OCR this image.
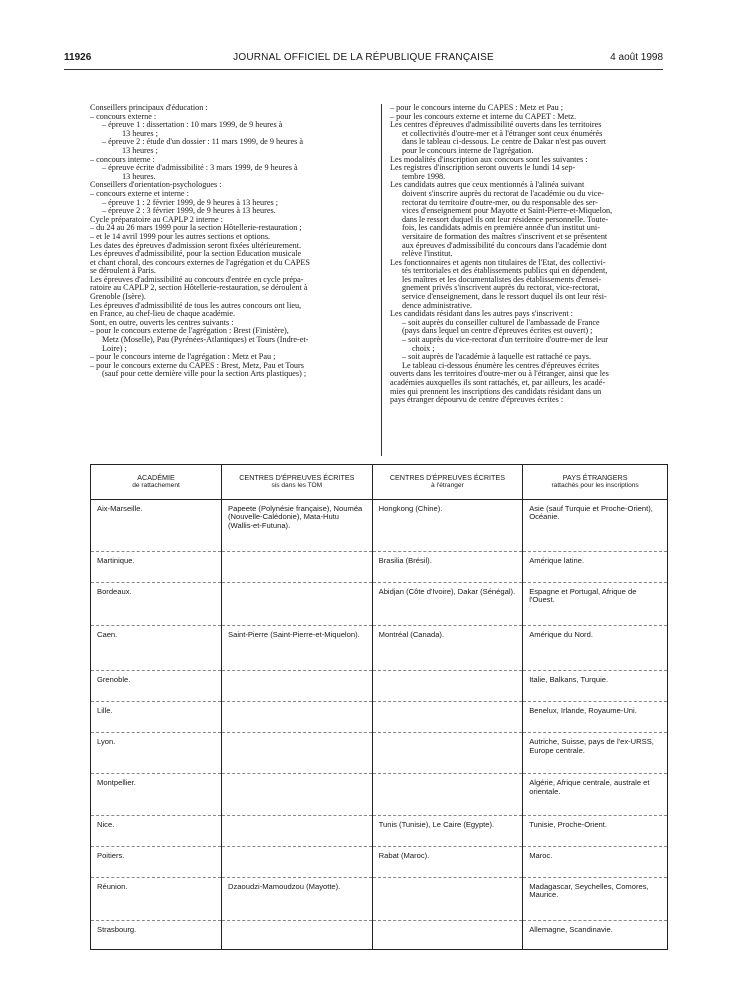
11926	JOURNAL OFFICIEL DE LA RÉPUBLIQUE FRANÇAISE	4 août 1998
Conseillers principaux d'éducation :
– concours externe :
– épreuve 1 : dissertation : 10 mars 1999, de 9 heures à
13 heures ;
– épreuve 2 : étude d'un dossier : 11 mars 1999, de 9 heures à
13 heures ;
– concours interne :
– épreuve écrite d'admissibilité : 3 mars 1999, de 9 heures à
13 heures.
Conseillers d'orientation-psychologues :
– concours externe et interne :
– épreuve 1 : 2 février 1999, de 9 heures à 13 heures ;
– épreuve 2 : 3 février 1999, de 9 heures à 13 heures.
Cycle préparatoire au CAPLP 2 interne :
– du 24 au 26 mars 1999 pour la section Hôtellerie-restauration ;
– et le 14 avril 1999 pour les autres sections et options.
Les dates des épreuves d'admission seront fixées ultérieurement.
Les épreuves d'admissibilité, pour la section Education musicale
et chant choral, des concours externes de l'agrégation et du CAPES
se déroulent à Paris.
Les épreuves d'admissibilité au concours d'entrée en cycle prépa-
ratoire au CAPLP 2, section Hôtellerie-restauration, se déroulent à
Grenoble (Isère).
Les épreuves d'admissibilité de tous les autres concours ont lieu,
en France, au chef-lieu de chaque académie.
Sont, en outre, ouverts les centres suivants :
– pour le concours externe de l'agrégation : Brest (Finistère),
Metz (Moselle), Pau (Pyrénées-Atlantiques) et Tours (Indre-et-
Loire) ;
– pour le concours interne de l'agrégation : Metz et Pau ;
– pour le concours externe du CAPES : Brest, Metz, Pau et Tours
(sauf pour cette dernière ville pour la section Arts plastiques) ;
– pour le concours interne du CAPES : Metz et Pau ;
– pour les concours externe et interne du CAPET : Metz.
Les centres d'épreuves d'admissibilité ouverts dans les territoires
et collectivités d'outre-mer et à l'étranger sont ceux énumérés
dans le tableau ci-dessous. Le centre de Dakar n'est pas ouvert
pour le concours interne de l'agrégation.
Les modalités d'inscription aux concours sont les suivantes :
Les registres d'inscription seront ouverts le lundi 14 sep-
tembre 1998.
Les candidats autres que ceux mentionnés à l'alinéa suivant
doivent s'inscrire auprès du rectorat de l'académie ou du vice-
rectorat du territoire d'outre-mer, ou du responsable des ser-
vices d'enseignement pour Mayotte et Saint-Pierre-et-Miquelon,
dans le ressort duquel ils ont leur résidence personnelle. Toute-
fois, les candidats admis en première année d'un institut uni-
versitaire de formation des maîtres s'inscrivent et se présentent
aux épreuves d'admissibilité du concours dans l'académie dont
relève l'institut.
Les fonctionnaires et agents non titulaires de l'Etat, des collectivi-
tés territoriales et des établissements publics qui en dépendent,
les maîtres et les documentalistes des établissements d'ensei-
gnement privés s'inscrivent auprès du rectorat, vice-rectorat,
service d'enseignement, dans le ressort duquel ils ont leur rési-
dence administrative.
Les candidats résidant dans les autres pays s'inscrivent :
– soit auprès du conseiller culturel de l'ambassade de France
(pays dans lequel un centre d'épreuves écrites est ouvert) ;
– soit auprès du vice-rectorat d'un territoire d'outre-mer de leur
choix ;
– soit auprès de l'académie à laquelle est rattaché ce pays.
Le tableau ci-dessous énumère les centres d'épreuves écrites
ouverts dans les territoires d'outre-mer ou à l'étranger, ainsi que les
académies auxquelles ils sont rattachés, et, par ailleurs, les acadé-
mies qui prennent les inscriptions des candidats résidant dans un
pays étranger dépourvu de centre d'épreuves écrites :
ACADÉMIE
de rattachement	CENTRES D'ÉPREUVES ÉCRITES
sis dans les TOM	CENTRES D'ÉPREUVES ÉCRITES
à l'étranger	PAYS ÉTRANGERS
rattachés pour les inscriptions

Aix-Marseille.	Papeete (Polynésie française), Nouméa (Nouvelle-Calédonie), Mata-Hutu (Wallis-et-Futuna).	Hongkong (Chine).	Asie (sauf Turquie et Proche-Orient), Océanie.
Martinique.		Brasilia (Brésil).	Amérique latine.
Bordeaux.		Abidjan (Côte d'Ivoire), Dakar (Sénégal).	Espagne et Portugal, Afrique de l'Ouest.
Caen.	Saint-Pierre (Saint-Pierre-et-Miquelon).	Montréal (Canada).	Amérique du Nord.
Grenoble.			Italie, Balkans, Turquie.
Lille.			Benelux, Irlande, Royaume-Uni.
Lyon.			Autriche, Suisse, pays de l'ex-URSS, Europe centrale.
Montpellier.			Algérie, Afrique centrale, australe et orientale.
Nice.		Tunis (Tunisie), Le Caire (Egypte).	Tunisie, Proche-Orient.
Poitiers.		Rabat (Maroc).	Maroc.
Réunion.	Dzaoudzi-Mamoudzou (Mayotte).		Madagascar, Seychelles, Comores, Maurice.
Strasbourg.			Allemagne, Scandinavie.
